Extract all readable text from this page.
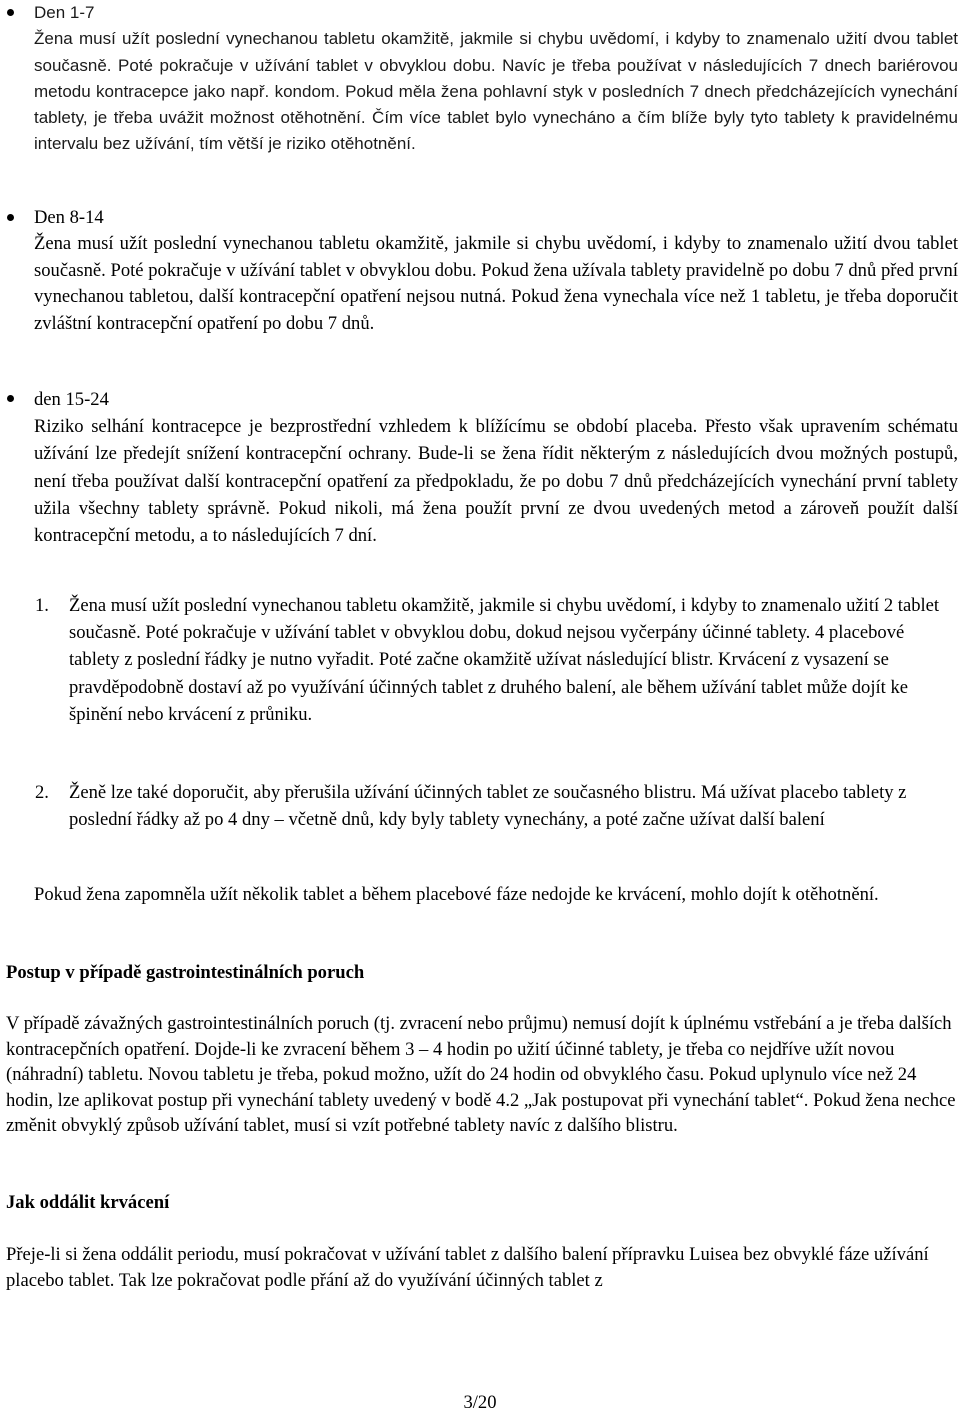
Den 1-7

Žena musí užít poslední vynechanou tabletu okamžitě, jakmile si chybu uvědomí, i kdyby to znamenalo užití dvou tablet současně. Poté pokračuje v užívání tablet v obvyklou dobu. Navíc je třeba používat v následujících 7 dnech bariérovou metodu kontracepce jako např. kondom. Pokud měla žena pohlavní styk v posledních 7 dnech předcházejících vynechání tablety, je třeba uvážit možnost otěhotnění. Čím více tablet bylo vynecháno a čím blíže byly tyto tablety k pravidelnému intervalu bez užívání, tím větší je riziko otěhotnění.

Den 8-14

Žena musí užít poslední vynechanou tabletu okamžitě, jakmile si chybu uvědomí, i kdyby to znamenalo užití dvou tablet současně. Poté pokračuje v užívání tablet v obvyklou dobu. Pokud žena užívala tablety pravidelně po dobu 7 dnů před první vynechanou tabletou, další kontracepční opatření nejsou nutná. Pokud žena vynechala více než 1 tabletu, je třeba doporučit zvláštní kontracepční opatření po dobu 7 dnů.

den 15-24

Riziko selhání kontracepce je bezprostřední vzhledem k blížícímu se období placeba. Přesto však upravením schématu užívání lze předejít snížení kontracepční ochrany. Bude-li se žena řídit některým z následujících dvou možných postupů, není třeba používat další kontracepční opatření za předpokladu, že po dobu 7 dnů předcházejících vynechání první tablety užila všechny tablety správně. Pokud nikoli, má žena použít první ze dvou uvedených metod a zároveň použít další kontracepční metodu, a to následujících 7 dní.

1. Žena musí užít poslední vynechanou tabletu okamžitě, jakmile si chybu uvědomí, i kdyby to znamenalo užití 2 tablet současně. Poté pokračuje v užívání tablet v obvyklou dobu, dokud nejsou vyčerpány účinné tablety. 4 placebové tablety z poslední řádky je nutno vyřadit. Poté začne okamžitě užívat následující blistr. Krvácení z vysazení se pravděpodobně dostaví až po využívání účinných tablet z druhého balení, ale během užívání tablet může dojít ke špinění nebo krvácení z průniku.

2. Ženě lze také doporučit, aby přerušila užívání účinných tablet ze současného blistru. Má užívat placebo tablety z poslední řádky až po 4 dny – včetně dnů, kdy byly tablety vynechány, a poté začne užívat další balení

Pokud žena zapomněla užít několik tablet a během placebové fáze nedojde ke krvácení, mohlo dojít k otěhotnění.

Postup v případě gastrointestinálních poruch

V případě závažných gastrointestinálních poruch (tj. zvracení nebo průjmu) nemusí dojít k úplnému vstřebání a je třeba dalších kontracepčních opatření. Dojde-li ke zvracení během 3 – 4 hodin po užití účinné tablety, je třeba co nejdříve užít novou (náhradní) tabletu. Novou tabletu je třeba, pokud možno, užít do 24 hodin od obvyklého času. Pokud uplynulo více než 24 hodin, lze aplikovat postup při vynechání tablety uvedený v bodě 4.2 „Jak postupovat při vynechání tablet“. Pokud žena nechce změnit obvyklý způsob užívání tablet, musí si vzít potřebné tablety navíc z dalšího blistru.

Jak oddálit krvácení

Přeje-li si žena oddálit periodu, musí pokračovat v užívání tablet z dalšího balení přípravku Luisea bez obvyklé fáze užívání placebo tablet. Tak lze pokračovat podle přání až do využívání účinných tablet z

3/20
